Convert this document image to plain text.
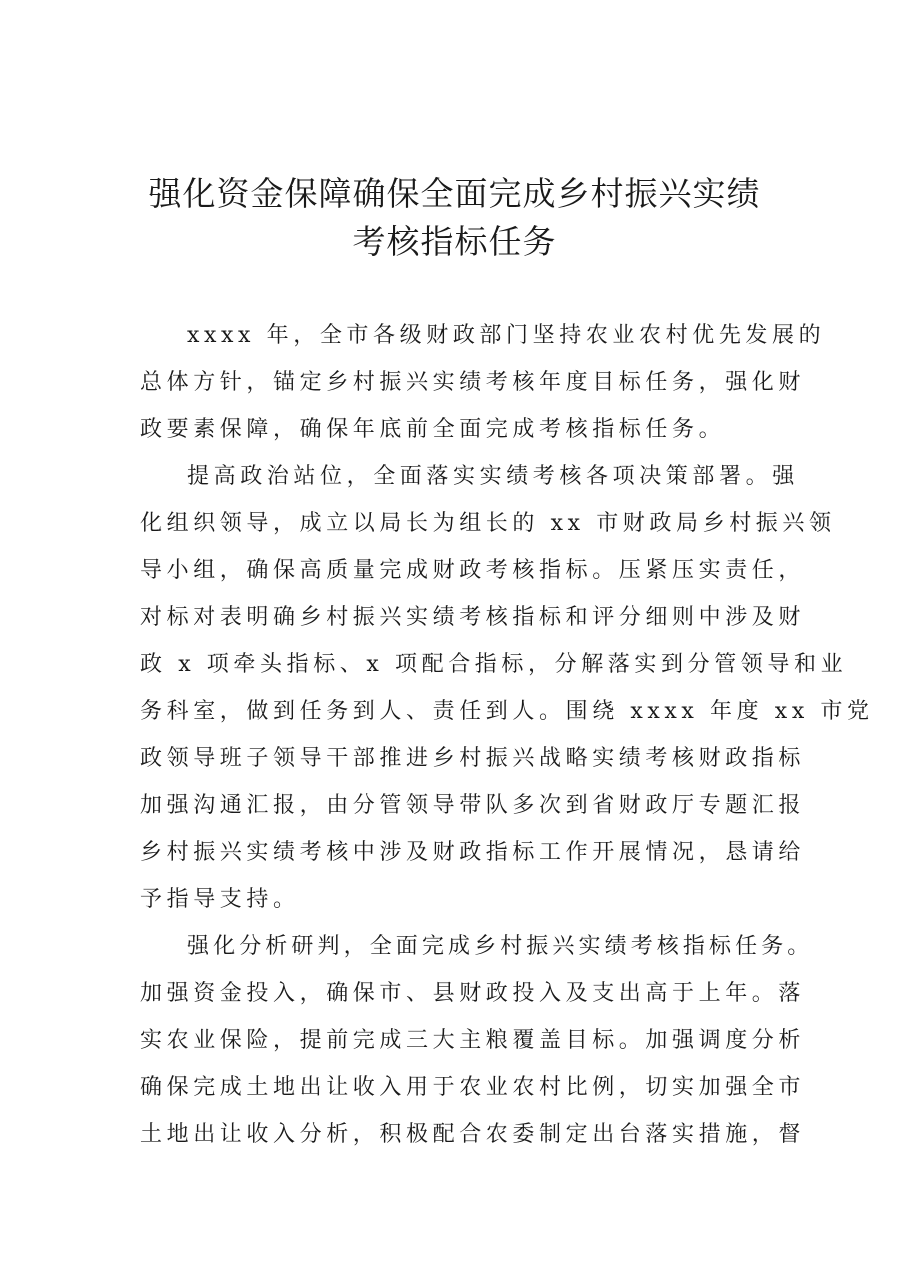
强化资金保障确保全面完成乡村振兴实绩
考核指标任务
xxxx 年，全市各级财政部门坚持农业农村优先发展的
总体方针，锚定乡村振兴实绩考核年度目标任务，强化财
政要素保障，确保年底前全面完成考核指标任务。
提高政治站位，全面落实实绩考核各项决策部署。强
化组织领导，成立以局长为组长的 xx 市财政局乡村振兴领
导小组，确保高质量完成财政考核指标。压紧压实责任，
对标对表明确乡村振兴实绩考核指标和评分细则中涉及财
政 x 项牵头指标、x 项配合指标，分解落实到分管领导和业
务科室，做到任务到人、责任到人。围绕 xxxx 年度 xx 市党
政领导班子领导干部推进乡村振兴战略实绩考核财政指标
加强沟通汇报，由分管领导带队多次到省财政厅专题汇报
乡村振兴实绩考核中涉及财政指标工作开展情况，恳请给
予指导支持。
强化分析研判，全面完成乡村振兴实绩考核指标任务。
加强资金投入，确保市、县财政投入及支出高于上年。落
实农业保险，提前完成三大主粮覆盖目标。加强调度分析
确保完成土地出让收入用于农业农村比例，切实加强全市
土地出让收入分析，积极配合农委制定出台落实措施，督
